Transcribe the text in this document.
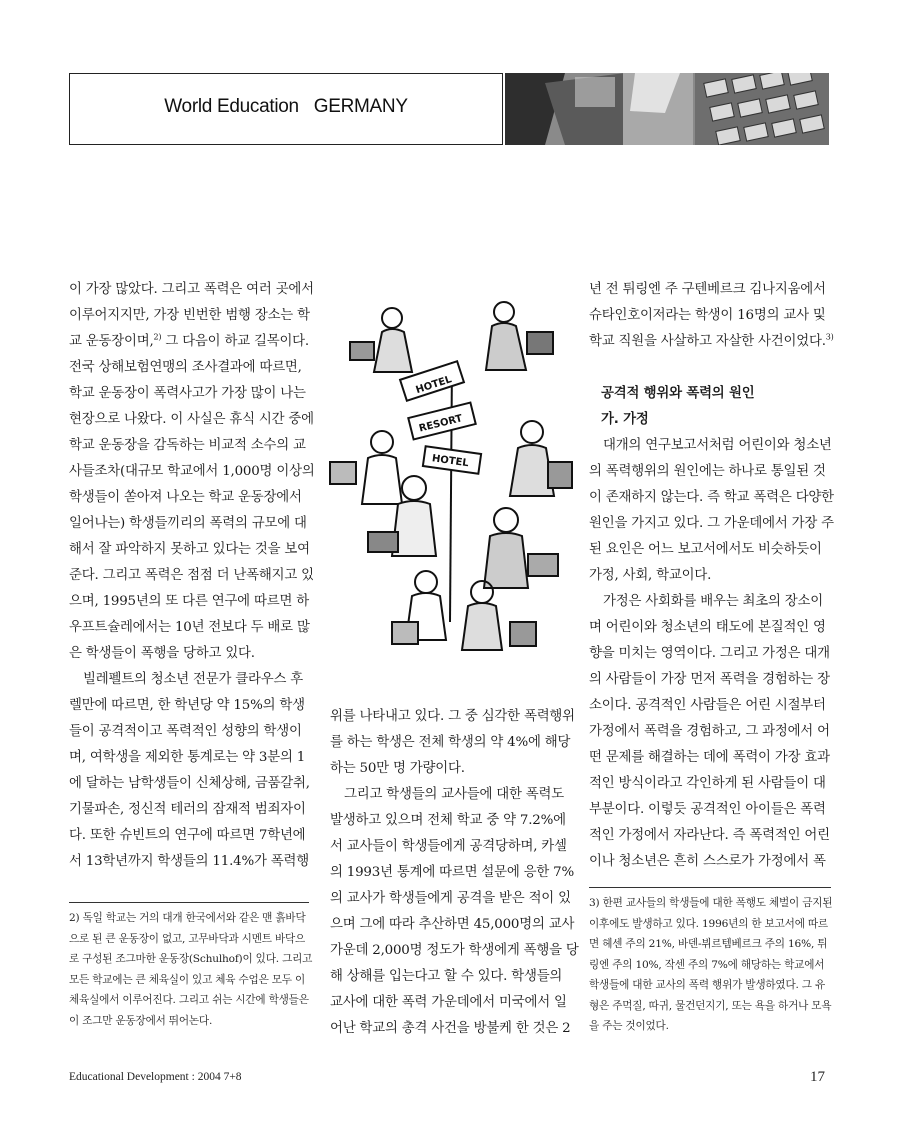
World Education   GERMANY
HOTEL
RESORT
HOTEL
이 가장 많았다. 그리고 폭력은 여러 곳에서
이루어지지만, 가장 빈번한 범행 장소는 학
교 운동장이며,$^{2)}$ 그 다음이 하교 길목이다.
전국 상해보험연맹의 조사결과에 따르면,
학교 운동장이 폭력사고가 가장 많이 나는
현장으로 나왔다. 이 사실은 휴식 시간 중에
학교 운동장을 감독하는 비교적 소수의 교
사들조차(대규모 학교에서 1,000명 이상의
학생들이 쏟아져 나오는 학교 운동장에서
일어나는) 학생들끼리의 폭력의 규모에 대
해서 잘 파악하지 못하고 있다는 것을 보여
준다. 그리고 폭력은 점점 더 난폭해지고 있
으며, 1995년의 또 다른 연구에 따르면 하
우프트슐레에서는 10년 전보다 두 배로 많
은 학생들이 폭행을 당하고 있다.
빌레펠트의 청소년 전문가 클라우스 후
렐만에 따르면, 한 학년당 약 15%의 학생
들이 공격적이고 폭력적인 성향의 학생이
며, 여학생을 제외한 통계로는 약 3분의 1
에 달하는 남학생들이 신체상해, 금품갈취,
기물파손, 정신적 테러의 잠재적 범죄자이
다. 또한 슈빈트의 연구에 따르면 7학년에
서 13학년까지 학생들의 11.4%가 폭력행
2) 독일 학교는 거의 대개 한국에서와 같은 맨 흙바닥
으로 된 큰 운동장이 없고, 고무바닥과 시멘트 바닥으
로 구성된 조그마한 운동장(Schulhof)이 있다. 그리고
모든 학교에는 큰 체육실이 있고 체육 수업은 모두 이
체육실에서 이루어진다. 그리고 쉬는 시간에 학생들은
이 조그만 운동장에서 뛰어논다.
위를 나타내고 있다. 그 중 심각한 폭력행위
를 하는 학생은 전체 학생의 약 4%에 해당
하는 50만 명 가량이다.
그리고 학생들의 교사들에 대한 폭력도
발생하고 있으며 전체 학교 중 약 7.2%에
서 교사들이 학생들에게 공격당하며, 카셀
의 1993년 통계에 따르면 설문에 응한 7%
의 교사가 학생들에게 공격을 받은 적이 있
으며 그에 따라 추산하면 45,000명의 교사
가운데 2,000명 정도가 학생에게 폭행을 당
해 상해를 입는다고 할 수 있다. 학생들의
교사에 대한 폭력 가운데에서 미국에서 일
어난 학교의 총격 사건을 방불케 한 것은 2
년 전 튀링엔 주 구텐베르크 김나지움에서
슈타인호이저라는 학생이 16명의 교사 및
학교 직원을 사살하고 자살한 사건이었다.$^{3)}$

공격적 행위와 폭력의 원인
가. 가정
대개의 연구보고서처럼 어린이와 청소년
의 폭력행위의 원인에는 하나로 통일된 것
이 존재하지 않는다. 즉 학교 폭력은 다양한
원인을 가지고 있다. 그 가운데에서 가장 주
된 요인은 어느 보고서에서도 비슷하듯이
가정, 사회, 학교이다.
가정은 사회화를 배우는 최초의 장소이
며 어린이와 청소년의 태도에 본질적인 영
향을 미치는 영역이다. 그리고 가정은 대개
의 사람들이 가장 먼저 폭력을 경험하는 장
소이다. 공격적인 사람들은 어린 시절부터
가정에서 폭력을 경험하고, 그 과정에서 어
떤 문제를 해결하는 데에 폭력이 가장 효과
적인 방식이라고 각인하게 된 사람들이 대
부분이다. 이렇듯 공격적인 아이들은 폭력
적인 가정에서 자라난다. 즉 폭력적인 어린
이나 청소년은 흔히 스스로가 가정에서 폭
3) 한편 교사들의 학생들에 대한 폭행도 체벌이 금지된
이후에도 발생하고 있다. 1996년의 한 보고서에 따르
면 헤센 주의 21%, 바덴-뷔르템베르크 주의 16%, 튀
링엔 주의 10%, 작센 주의 7%에 해당하는 학교에서
학생들에 대한 교사의 폭력 행위가 발생하였다. 그 유
형은 주먹질, 따귀, 물건던지기, 또는 욕을 하거나 모욕
을 주는 것이었다.
Educational Development : 2004 7+8	17
